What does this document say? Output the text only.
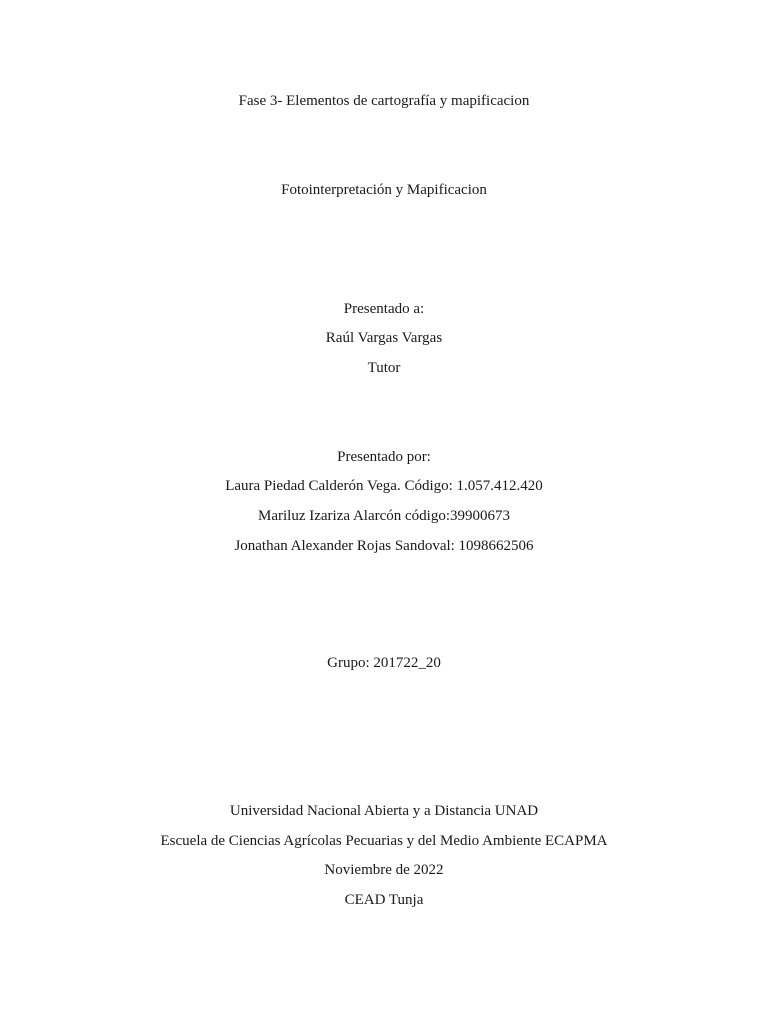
Fase 3- Elementos de cartografía y mapificacion
Fotointerpretación y Mapificacion
Presentado a:
Raúl Vargas Vargas
Tutor
Presentado por:
Laura Piedad Calderón Vega. Código: 1.057.412.420
Mariluz Izariza Alarcón código:39900673
Jonathan Alexander Rojas Sandoval: 1098662506
Grupo: 201722_20
Universidad Nacional Abierta y a Distancia UNAD
Escuela de Ciencias Agrícolas Pecuarias y del Medio Ambiente ECAPMA
Noviembre de 2022
CEAD Tunja
